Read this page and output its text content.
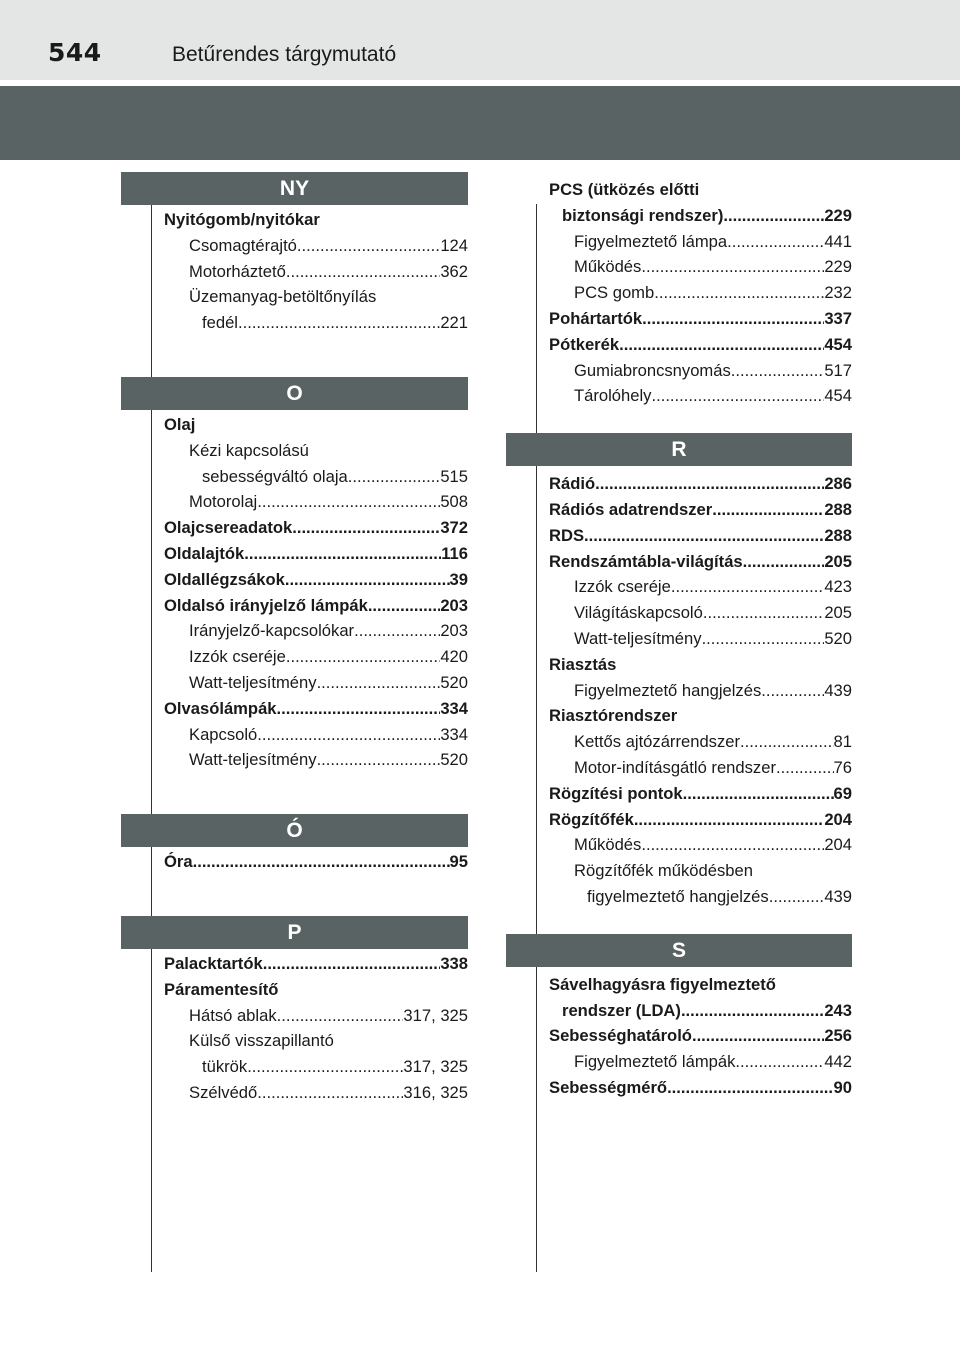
544	Betűrendes tárgymutató
NY
Nyitógomb/nyitókar
Csomagtérajtó .....	124
Motorháztető .....	362
Üzemanyag-betöltőnyílás
fedél .....	221
O
Olaj
Kézi kapcsolású
sebességváltó olaja .....	515
Motorolaj .....	508
Olajcsereadatok .....	372
Oldalajtók .....	116
Oldallégzsákok .....	39
Oldalsó irányjelző lámpák .....	203
Irányjelző-kapcsolókar .....	203
Izzók cseréje .....	420
Watt-teljesítmény .....	520
Olvasólámpák .....	334
Kapcsoló .....	334
Watt-teljesítmény .....	520
Ó
Óra .....	95
P
Palacktartók .....	338
Páramentesítő
Hátsó ablak .....	317, 325
Külső visszapillantó
tükrök .....	317, 325
Szélvédő .....	316, 325
PCS (ütközés előtti
biztonsági rendszer) .....	229
Figyelmeztető lámpa .....	441
Működés .....	229
PCS gomb .....	232
Pohártartók .....	337
Pótkerék .....	454
Gumiabroncsnyomás .....	517
Tárolóhely .....	454
R
Rádió .....	286
Rádiós adatrendszer .....	288
RDS .....	288
Rendszámtábla-világítás .....	205
Izzók cseréje .....	423
Világításkapcsoló .....	205
Watt-teljesítmény .....	520
Riasztás
Figyelmeztető hangjelzés .....	439
Riasztórendszer
Kettős ajtózárrendszer .....	81
Motor-indításgátló rendszer .....	76
Rögzítési pontok .....	69
Rögzítőfék .....	204
Működés .....	204
Rögzítőfék működésben
figyelmeztető hangjelzés .....	439
S
Sávelhagyásra figyelmeztető
rendszer (LDA) .....	243
Sebességhatároló .....	256
Figyelmeztető lámpák .....	442
Sebességmérő .....	90
